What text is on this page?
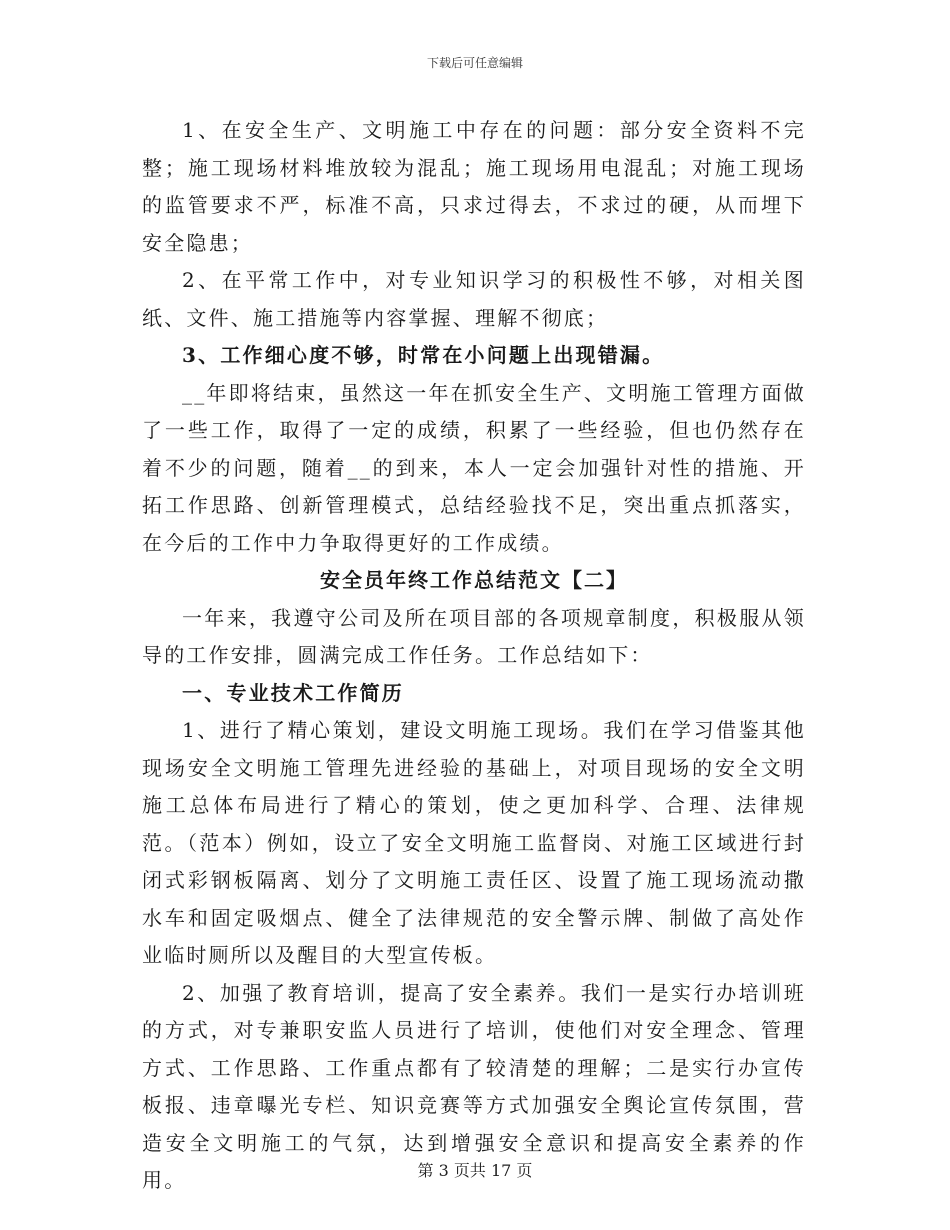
下载后可任意编辑

1、在安全生产、文明施工中存在的问题：部分安全资料不完整；施工现场材料堆放较为混乱；施工现场用电混乱；对施工现场的监管要求不严，标准不高，只求过得去，不求过的硬，从而埋下安全隐患；

2、在平常工作中，对专业知识学习的积极性不够，对相关图纸、文件、施工措施等内容掌握、理解不彻底；

3、工作细心度不够，时常在小问题上出现错漏。

__年即将结束，虽然这一年在抓安全生产、文明施工管理方面做了一些工作，取得了一定的成绩，积累了一些经验，但也仍然存在着不少的问题，随着__的到来，本人一定会加强针对性的措施、开拓工作思路、创新管理模式，总结经验找不足，突出重点抓落实，在今后的工作中力争取得更好的工作成绩。

安全员年终工作总结范文【二】

一年来，我遵守公司及所在项目部的各项规章制度，积极服从领导的工作安排，圆满完成工作任务。工作总结如下：

一、专业技术工作简历

1、进行了精心策划，建设文明施工现场。我们在学习借鉴其他现场安全文明施工管理先进经验的基础上，对项目现场的安全文明施工总体布局进行了精心的策划，使之更加科学、合理、法律规范。（范本）例如，设立了安全文明施工监督岗、对施工区域进行封闭式彩钢板隔离、划分了文明施工责任区、设置了施工现场流动撒水车和固定吸烟点、健全了法律规范的安全警示牌、制做了高处作业临时厕所以及醒目的大型宣传板。

2、加强了教育培训，提高了安全素养。我们一是实行办培训班的方式，对专兼职安监人员进行了培训，使他们对安全理念、管理方式、工作思路、工作重点都有了较清楚的理解；二是实行办宣传板报、违章曝光专栏、知识竞赛等方式加强安全舆论宣传氛围，营造安全文明施工的气氛，达到增强安全意识和提高安全素养的作用。	第 3 页共 17 页
